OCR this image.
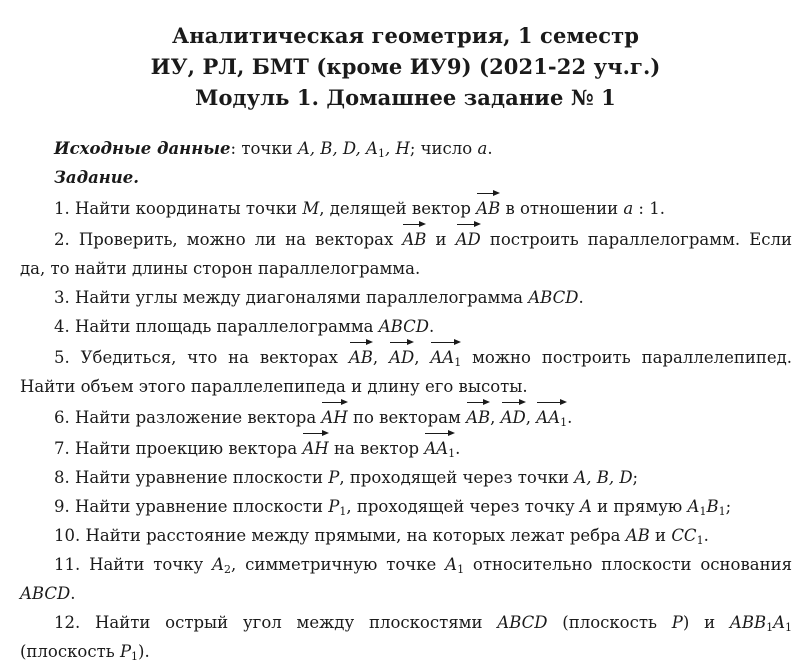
Аналитическая геометрия, 1 семестр
ИУ, РЛ, БМТ (кроме ИУ9) (2021-22 уч.г.)
Модуль 1. Домашнее задание № 1
Исходные данные: точки A, B, D, $A_1$, H; число a.
Задание.
1. Найти координаты точки M, делящей вектор AB в отношении a : 1.
2. Проверить, можно ли на векторах AB и AD построить параллелограмм. Если
да, то найти длины сторон параллелограмма.
3. Найти углы между диагоналями параллелограмма ABCD.
4. Найти площадь параллелограмма ABCD.
5. Убедиться, что на векторах AB, AD, $AA_1$ можно построить параллелепипед.
Найти объем этого параллелепипеда и длину его высоты.
6. Найти разложение вектора AH по векторам AB, AD, $AA_1$.
7. Найти проекцию вектора AH на вектор $AA_1$.
8. Найти уравнение плоскости P, проходящей через точки A, B, D;
9. Найти уравнение плоскости $P_1$, проходящей через точку A и прямую $A_1B_1$;
10. Найти расстояние между прямыми, на которых лежат ребра AB и $CC_1$.
11. Найти точку $A_2$, симметричную точке $A_1$ относительно плоскости основания
ABCD.
12. Найти острый угол между плоскостями ABCD (плоскость P) и $ABB_1A_1$
(плоскость $P_1$).
